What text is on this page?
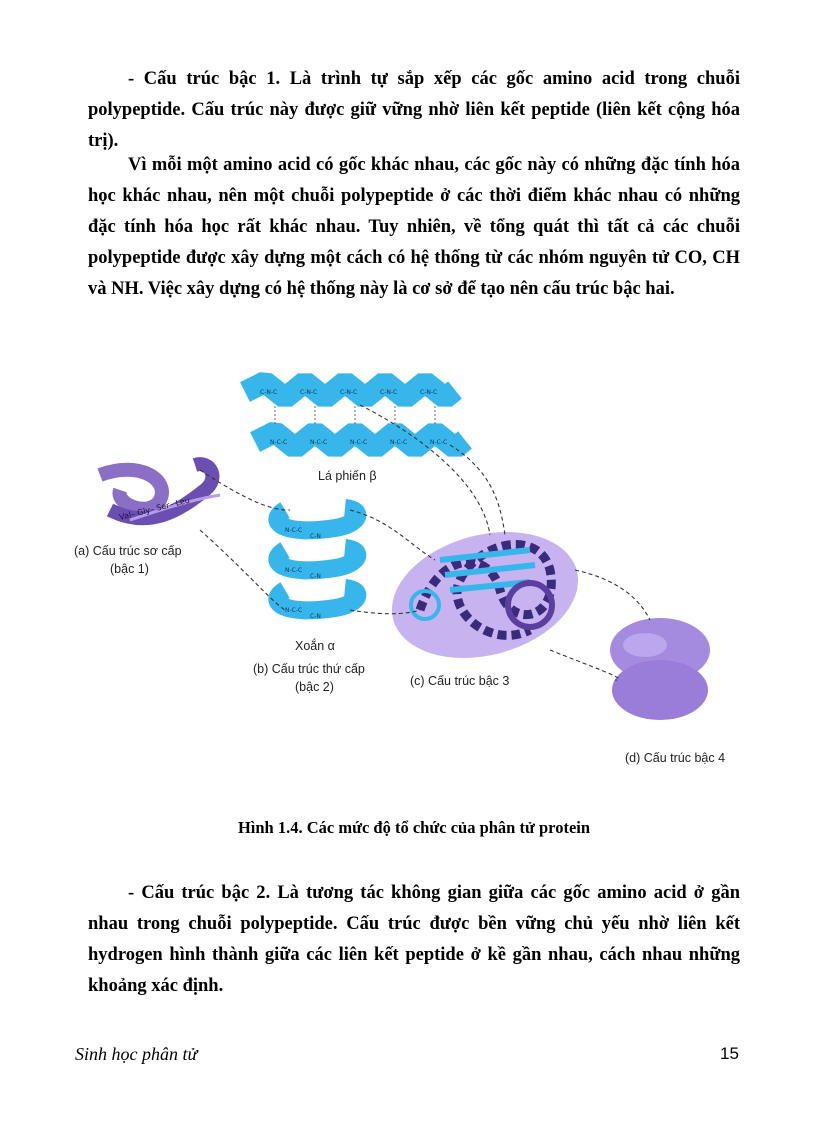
- Cấu trúc bậc 1. Là trình tự sắp xếp các gốc amino acid trong chuỗi polypeptide. Cấu trúc này được giữ vững nhờ liên kết peptide (liên kết cộng hóa trị).

Vì mỗi một amino acid có gốc khác nhau, các gốc này có những đặc tính hóa học khác nhau, nên một chuỗi polypeptide ở các thời điểm khác nhau có những đặc tính hóa học rất khác nhau. Tuy nhiên, về tổng quát thì tất cả các chuỗi polypeptide được xây dựng một cách có hệ thống từ các nhóm nguyên tử CO, CH và NH. Việc xây dựng có hệ thống này là cơ sở để tạo nên cấu trúc bậc hai.

C-N-C	C-N-C	C-N-C	C-N-C	C-N-C
N-C-C	N-C-C	N-C-C	N-C-C	N-C-C
Lá phiến β
Val– Gly– Ser– Leu
(a) Cấu trúc sơ cấp
(bậc 1)
N-C-C
C-N
N-C-C
C-N
N-C-C
C-N
Xoắn α
(b) Cấu trúc thứ cấp
(bậc 2)	(c) Cấu trúc bậc 3
(d) Cấu trúc bậc 4
Hình 1.4. Các mức độ tổ chức của phân tử protein

- Cấu trúc bậc 2. Là tương tác không gian giữa các gốc amino acid ở gần nhau trong chuỗi polypeptide. Cấu trúc được bền vững chủ yếu nhờ liên kết hydrogen hình thành giữa các liên kết peptide ở kề gần nhau, cách nhau những khoảng xác định.

Sinh học phân tử	15
